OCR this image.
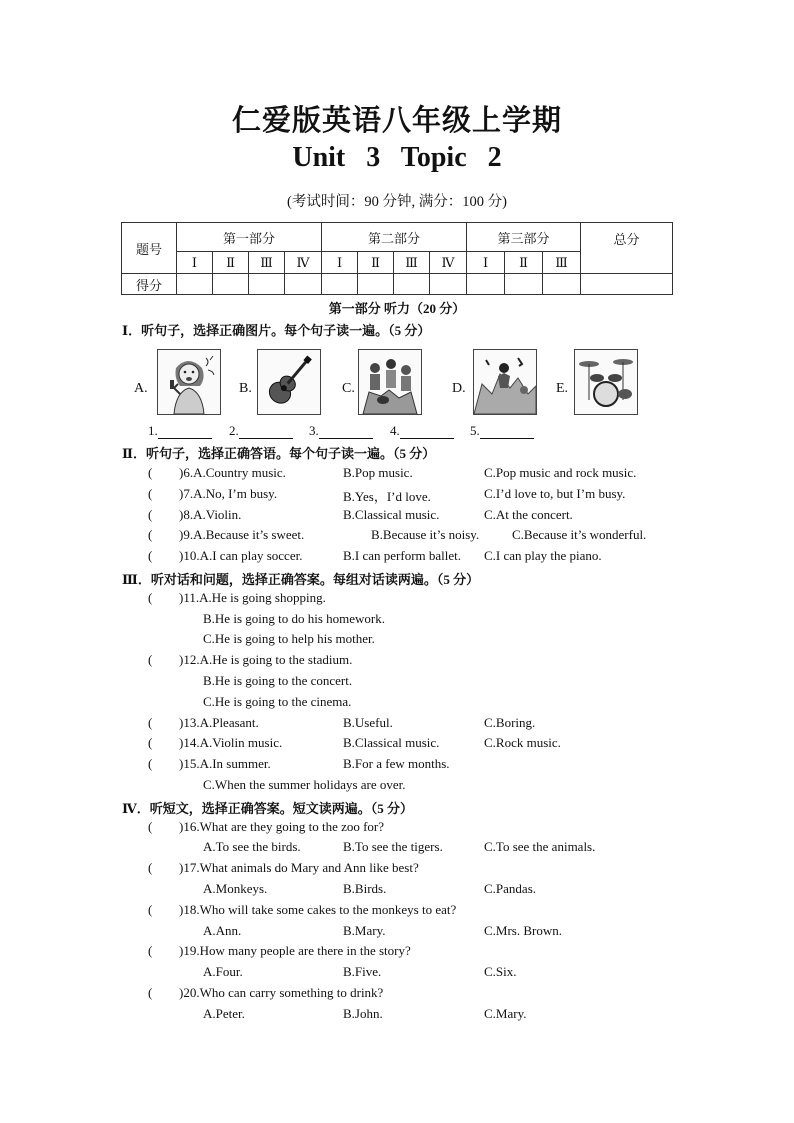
仁爱版英语八年级上学期
Unit 3 Topic 2
(考试时间：90 分钟, 满分：100 分)
题号	第一部分				第二部分				第三部分			总分
	Ⅰ	Ⅱ	Ⅲ	Ⅳ	Ⅰ	Ⅱ	Ⅲ	Ⅳ	Ⅰ	Ⅱ	Ⅲ	
得分												
第一部分 听力（20 分）
Ⅰ．听句子，选择正确图片。每个句子读一遍。（5 分）
A.	B.	C.	D.	E.
1.	2.	3.	4.	5.
Ⅱ．听句子，选择正确答语。每个句子读一遍。（5 分）
( )6.A.Country music.	B.Pop music.	C.Pop music and rock music.
( )7.A.No, I’m busy.	B.Yes，I’d love.	C.I’d love to, but I’m busy.
( )8.A.Violin.	B.Classical music.	C.At the concert.
( )9.A.Because it’s sweet.	B.Because it’s noisy.	C.Because it’s wonderful.
( )10.A.I can play soccer.	B.I can perform ballet. C.I can play the piano.
Ⅲ．听对话和问题，选择正确答案。每组对话读两遍。（5 分）
( )11.A.He is going shopping.
B.He is going to do his homework.
C.He is going to help his mother.
( )12.A.He is going to the stadium.
B.He is going to the concert.
C.He is going to the cinema.
( )13.A.Pleasant.	B.Useful.	C.Boring.
( )14.A.Violin music.	B.Classical music.	C.Rock music.
( )15.A.In summer.	B.For a few months.
C.When the summer holidays are over.
Ⅳ．听短文，选择正确答案。短文读两遍。（5 分）
( )16.What are they going to the zoo for?
A.To see the birds.	B.To see the tigers.	C.To see the animals.
( )17.What animals do Mary and Ann like best?
A.Monkeys.	B.Birds.	C.Pandas.
( )18.Who will take some cakes to the monkeys to eat?
A.Ann.	B.Mary.	C.Mrs. Brown.
( )19.How many people are there in the story?
A.Four.	B.Five.	C.Six.
( )20.Who can carry something to drink?
A.Peter.	B.John.	C.Mary.
